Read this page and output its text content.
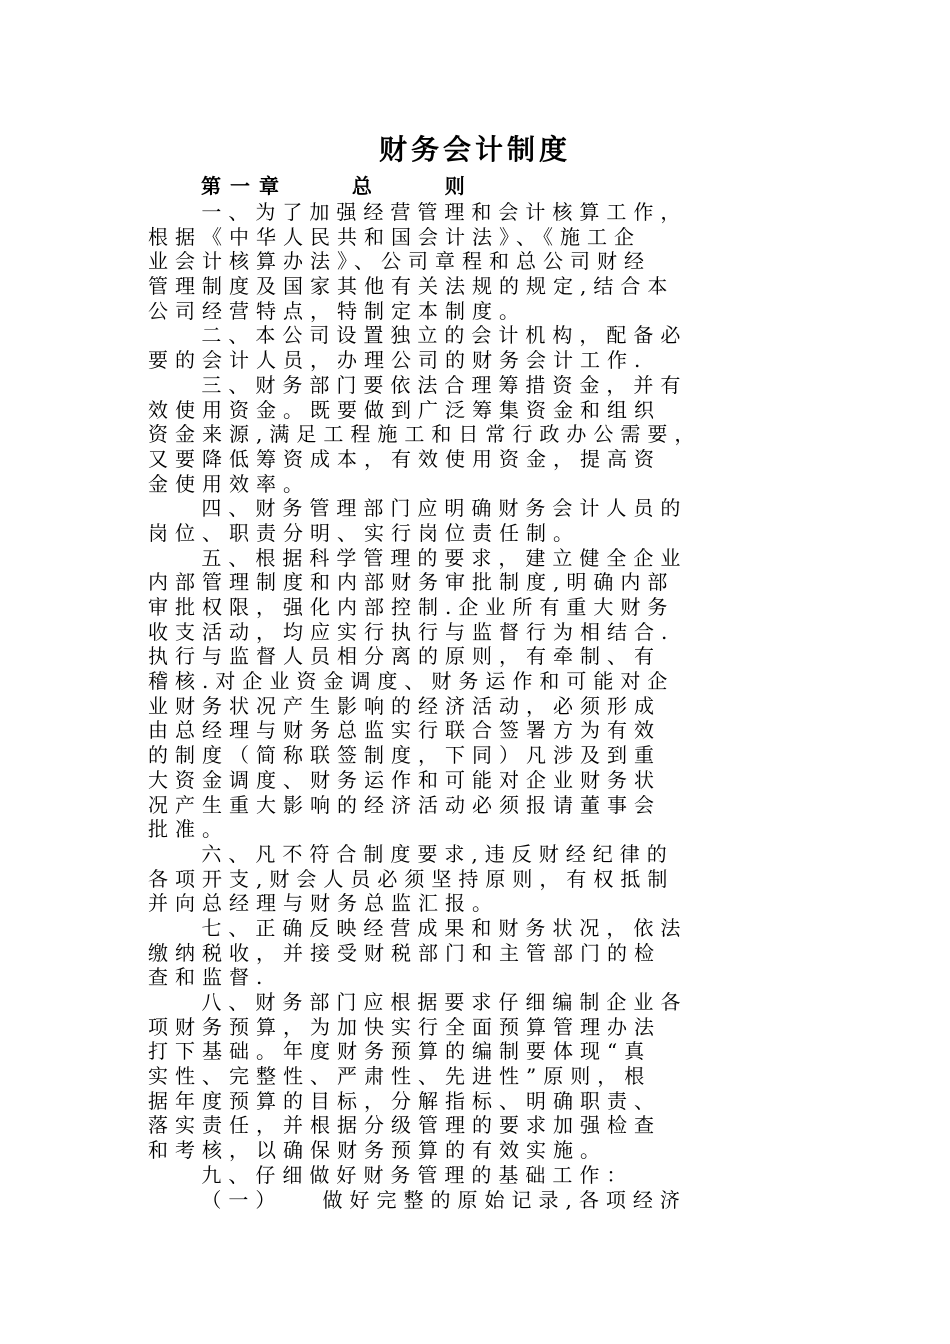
财务会计制度
第一章    总    则
一、为了加强经营管理和会计核算工作，
根据《中华人民共和国会计法》、《施工企
业会计核算办法》、公司章程和总公司财经
管理制度及国家其他有关法规的规定,结合本
公司经营特点，特制定本制度。
二、本公司设置独立的会计机构，配备必
要的会计人员，办理公司的财务会计工作.
三、财务部门要依法合理筹措资金，并有
效使用资金。既要做到广泛筹集资金和组织
资金来源,满足工程施工和日常行政办公需要，
又要降低筹资成本，有效使用资金，提高资
金使用效率。
四、财务管理部门应明确财务会计人员的
岗位、职责分明、实行岗位责任制。
五、根据科学管理的要求，建立健全企业
内部管理制度和内部财务审批制度,明确内部
审批权限，强化内部控制.企业所有重大财务
收支活动，均应实行执行与监督行为相结合.
执行与监督人员相分离的原则，有牵制、有
稽核.对企业资金调度、财务运作和可能对企
业财务状况产生影响的经济活动，必须形成
由总经理与财务总监实行联合签署方为有效
的制度（简称联签制度，下同）凡涉及到重
大资金调度、财务运作和可能对企业财务状
况产生重大影响的经济活动必须报请董事会
批准。
六、凡不符合制度要求,违反财经纪律的
各项开支,财会人员必须坚持原则，有权抵制
并向总经理与财务总监汇报。
七、正确反映经营成果和财务状况，依法
缴纳税收，并接受财税部门和主管部门的检
查和监督.
八、财务部门应根据要求仔细编制企业各
项财务预算，为加快实行全面预算管理办法
打下基础。年度财务预算的编制要体现“真
实性、完整性、严肃性、先进性”原则，根
据年度预算的目标，分解指标、明确职责、
落实责任，并根据分级管理的要求加强检查
和考核，以确保财务预算的有效实施。
九、仔细做好财务管理的基础工作：
（一）   做好完整的原始记录,各项经济
